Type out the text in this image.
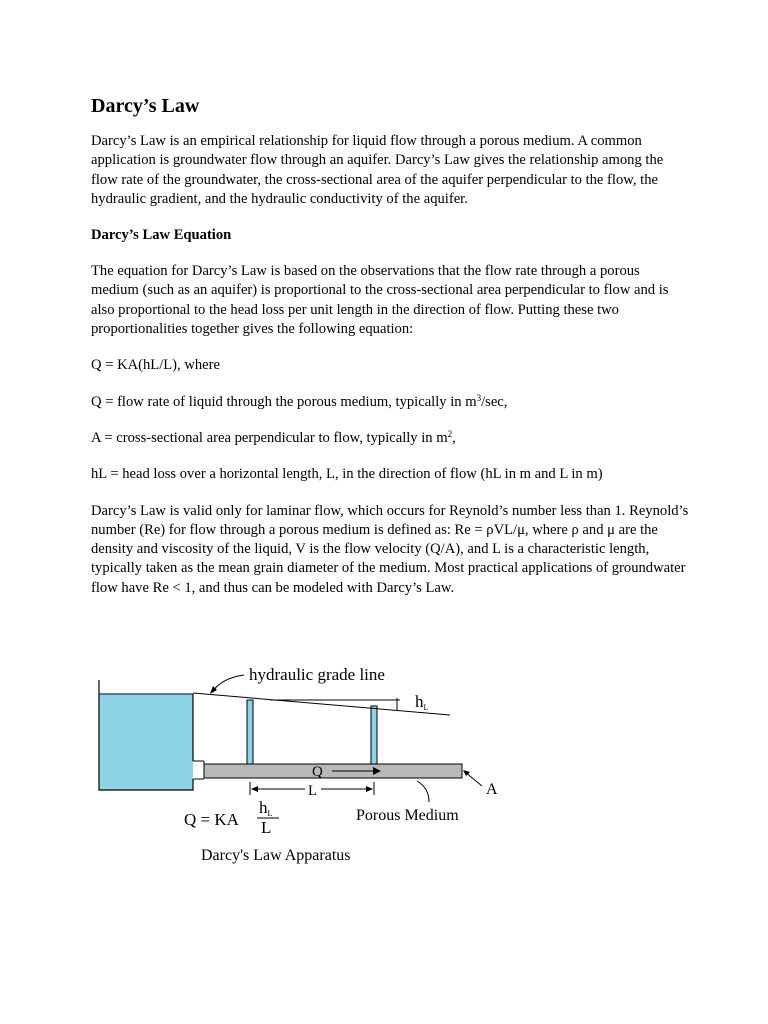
Darcy’s Law

Darcy’s Law is an empirical relationship for liquid flow through a porous medium. A common application is groundwater flow through an aquifer. Darcy’s Law gives the relationship among the flow rate of the groundwater, the cross-sectional area of the aquifer perpendicular to the flow, the hydraulic gradient, and the hydraulic conductivity of the aquifer.

Darcy’s Law Equation

The equation for Darcy’s Law is based on the observations that the flow rate through a porous medium (such as an aquifer) is proportional to the cross-sectional area perpendicular to flow and is also proportional to the head loss per unit length in the direction of flow. Putting these two proportionalities together gives the following equation:

Q = KA(hL/L), where

Q = flow rate of liquid through the porous medium, typically in $m^3/\sec$,

A = cross-sectional area perpendicular to flow, typically in $m^2$,

hL = head loss over a horizontal length, L, in the direction of flow (hL in m and L in m)

Darcy’s Law is valid only for laminar flow, which occurs for Reynold’s number less than 1. Reynold’s number (Re) for flow through a porous medium is defined as: Re = ρVL/μ, where ρ and μ are the density and viscosity of the liquid, V is the flow velocity (Q/A), and L is a characteristic length, typically taken as the mean grain diameter of the medium. Most practical applications of groundwater flow have Re < 1, and thus can be modeled with Darcy’s Law.

hydraulic grade line
hL
Q
L
Porous Medium
A
Q = KA
hL
L
Darcy's Law Apparatus
